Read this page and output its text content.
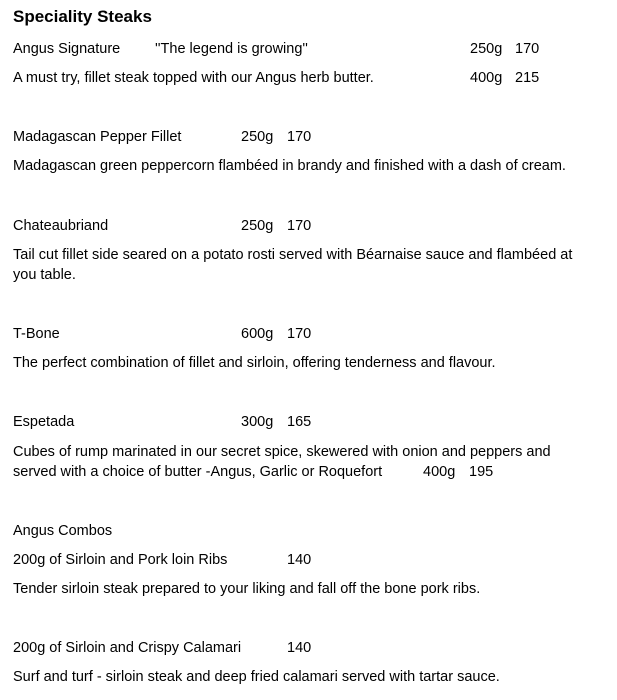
Speciality Steaks
Angus Signature ''The legend is growing''	250g 170
A must try, fillet steak topped with our Angus herb butter.	400g 215
Madagascan Pepper Fillet	250g 170
Madagascan green peppercorn flambéed in brandy and finished with a dash of cream.
Chateaubriand	250g 170
Tail cut fillet side seared on a potato rosti served with Béarnaise sauce and flambéed at
you table.
T-Bone	600g 170
The perfect combination of fillet and sirloin, offering tenderness and flavour.
Espetada	300g 165
Cubes of rump marinated in our secret spice, skewered with onion and peppers and
served with a choice of butter -Angus, Garlic or Roquefort	400g 195
Angus Combos
200g of Sirloin and Pork loin Ribs	140
Tender sirloin steak prepared to your liking and fall off the bone pork ribs.
200g of Sirloin and Crispy Calamari	140
Surf and turf - sirloin steak and deep fried calamari served with tartar sauce.
